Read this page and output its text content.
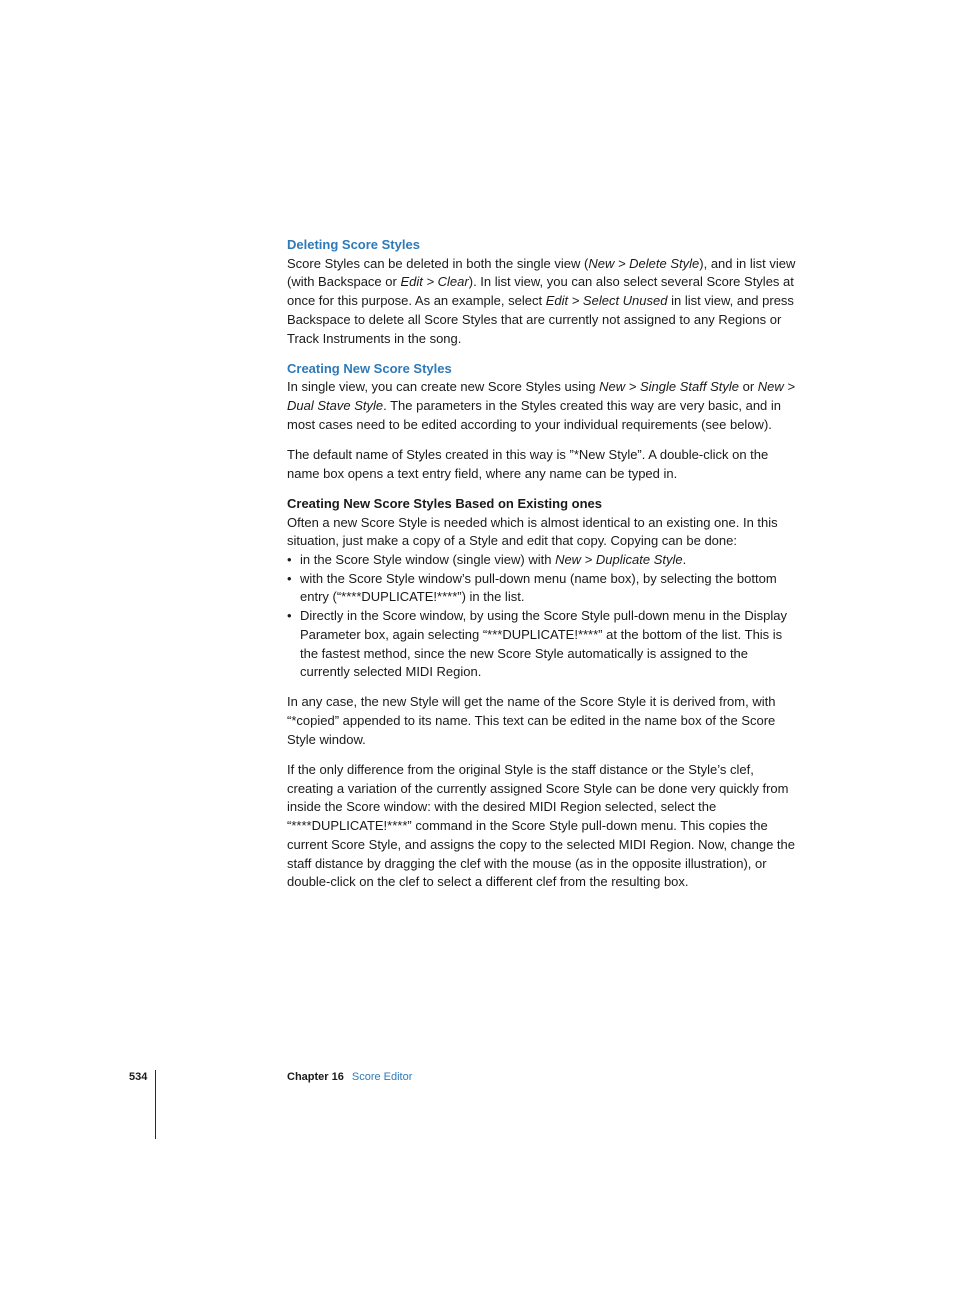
Deleting Score Styles

Score Styles can be deleted in both the single view (New > Delete Style), and in list view (with Backspace or Edit > Clear). In list view, you can also select several Score Styles at once for this purpose. As an example, select Edit > Select Unused in list view, and press Backspace to delete all Score Styles that are currently not assigned to any Regions or Track Instruments in the song.

Creating New Score Styles

In single view, you can create new Score Styles using New > Single Staff Style or New > Dual Stave Style. The parameters in the Styles created this way are very basic, and in most cases need to be edited according to your individual requirements (see below).

The default name of Styles created in this way is ”*New Style”. A double-click on the name box opens a text entry field, where any name can be typed in.

Creating New Score Styles Based on Existing ones

Often a new Score Style is needed which is almost identical to an existing one. In this situation, just make a copy of a Style and edit that copy. Copying can be done:

• in the Score Style window (single view) with New > Duplicate Style.
• with the Score Style window’s pull-down menu (name box), by selecting the bottom entry (“****DUPLICATE!****”) in the list.
• Directly in the Score window, by using the Score Style pull-down menu in the Display Parameter box, again selecting “***DUPLICATE!****” at the bottom of the list. This is the fastest method, since the new Score Style automatically is assigned to the currently selected MIDI Region.

In any case, the new Style will get the name of the Score Style it is derived from, with “*copied” appended to its name. This text can be edited in the name box of the Score Style window.

If the only difference from the original Style is the staff distance or the Style’s clef, creating a variation of the currently assigned Score Style can be done very quickly from inside the Score window: with the desired MIDI Region selected, select the “****DUPLICATE!****” command in the Score Style pull-down menu. This copies the current Score Style, and assigns the copy to the selected MIDI Region. Now, change the staff distance by dragging the clef with the mouse (as in the opposite illustration), or double-click on the clef to select a different clef from the resulting box.

534	Chapter 16 Score Editor
